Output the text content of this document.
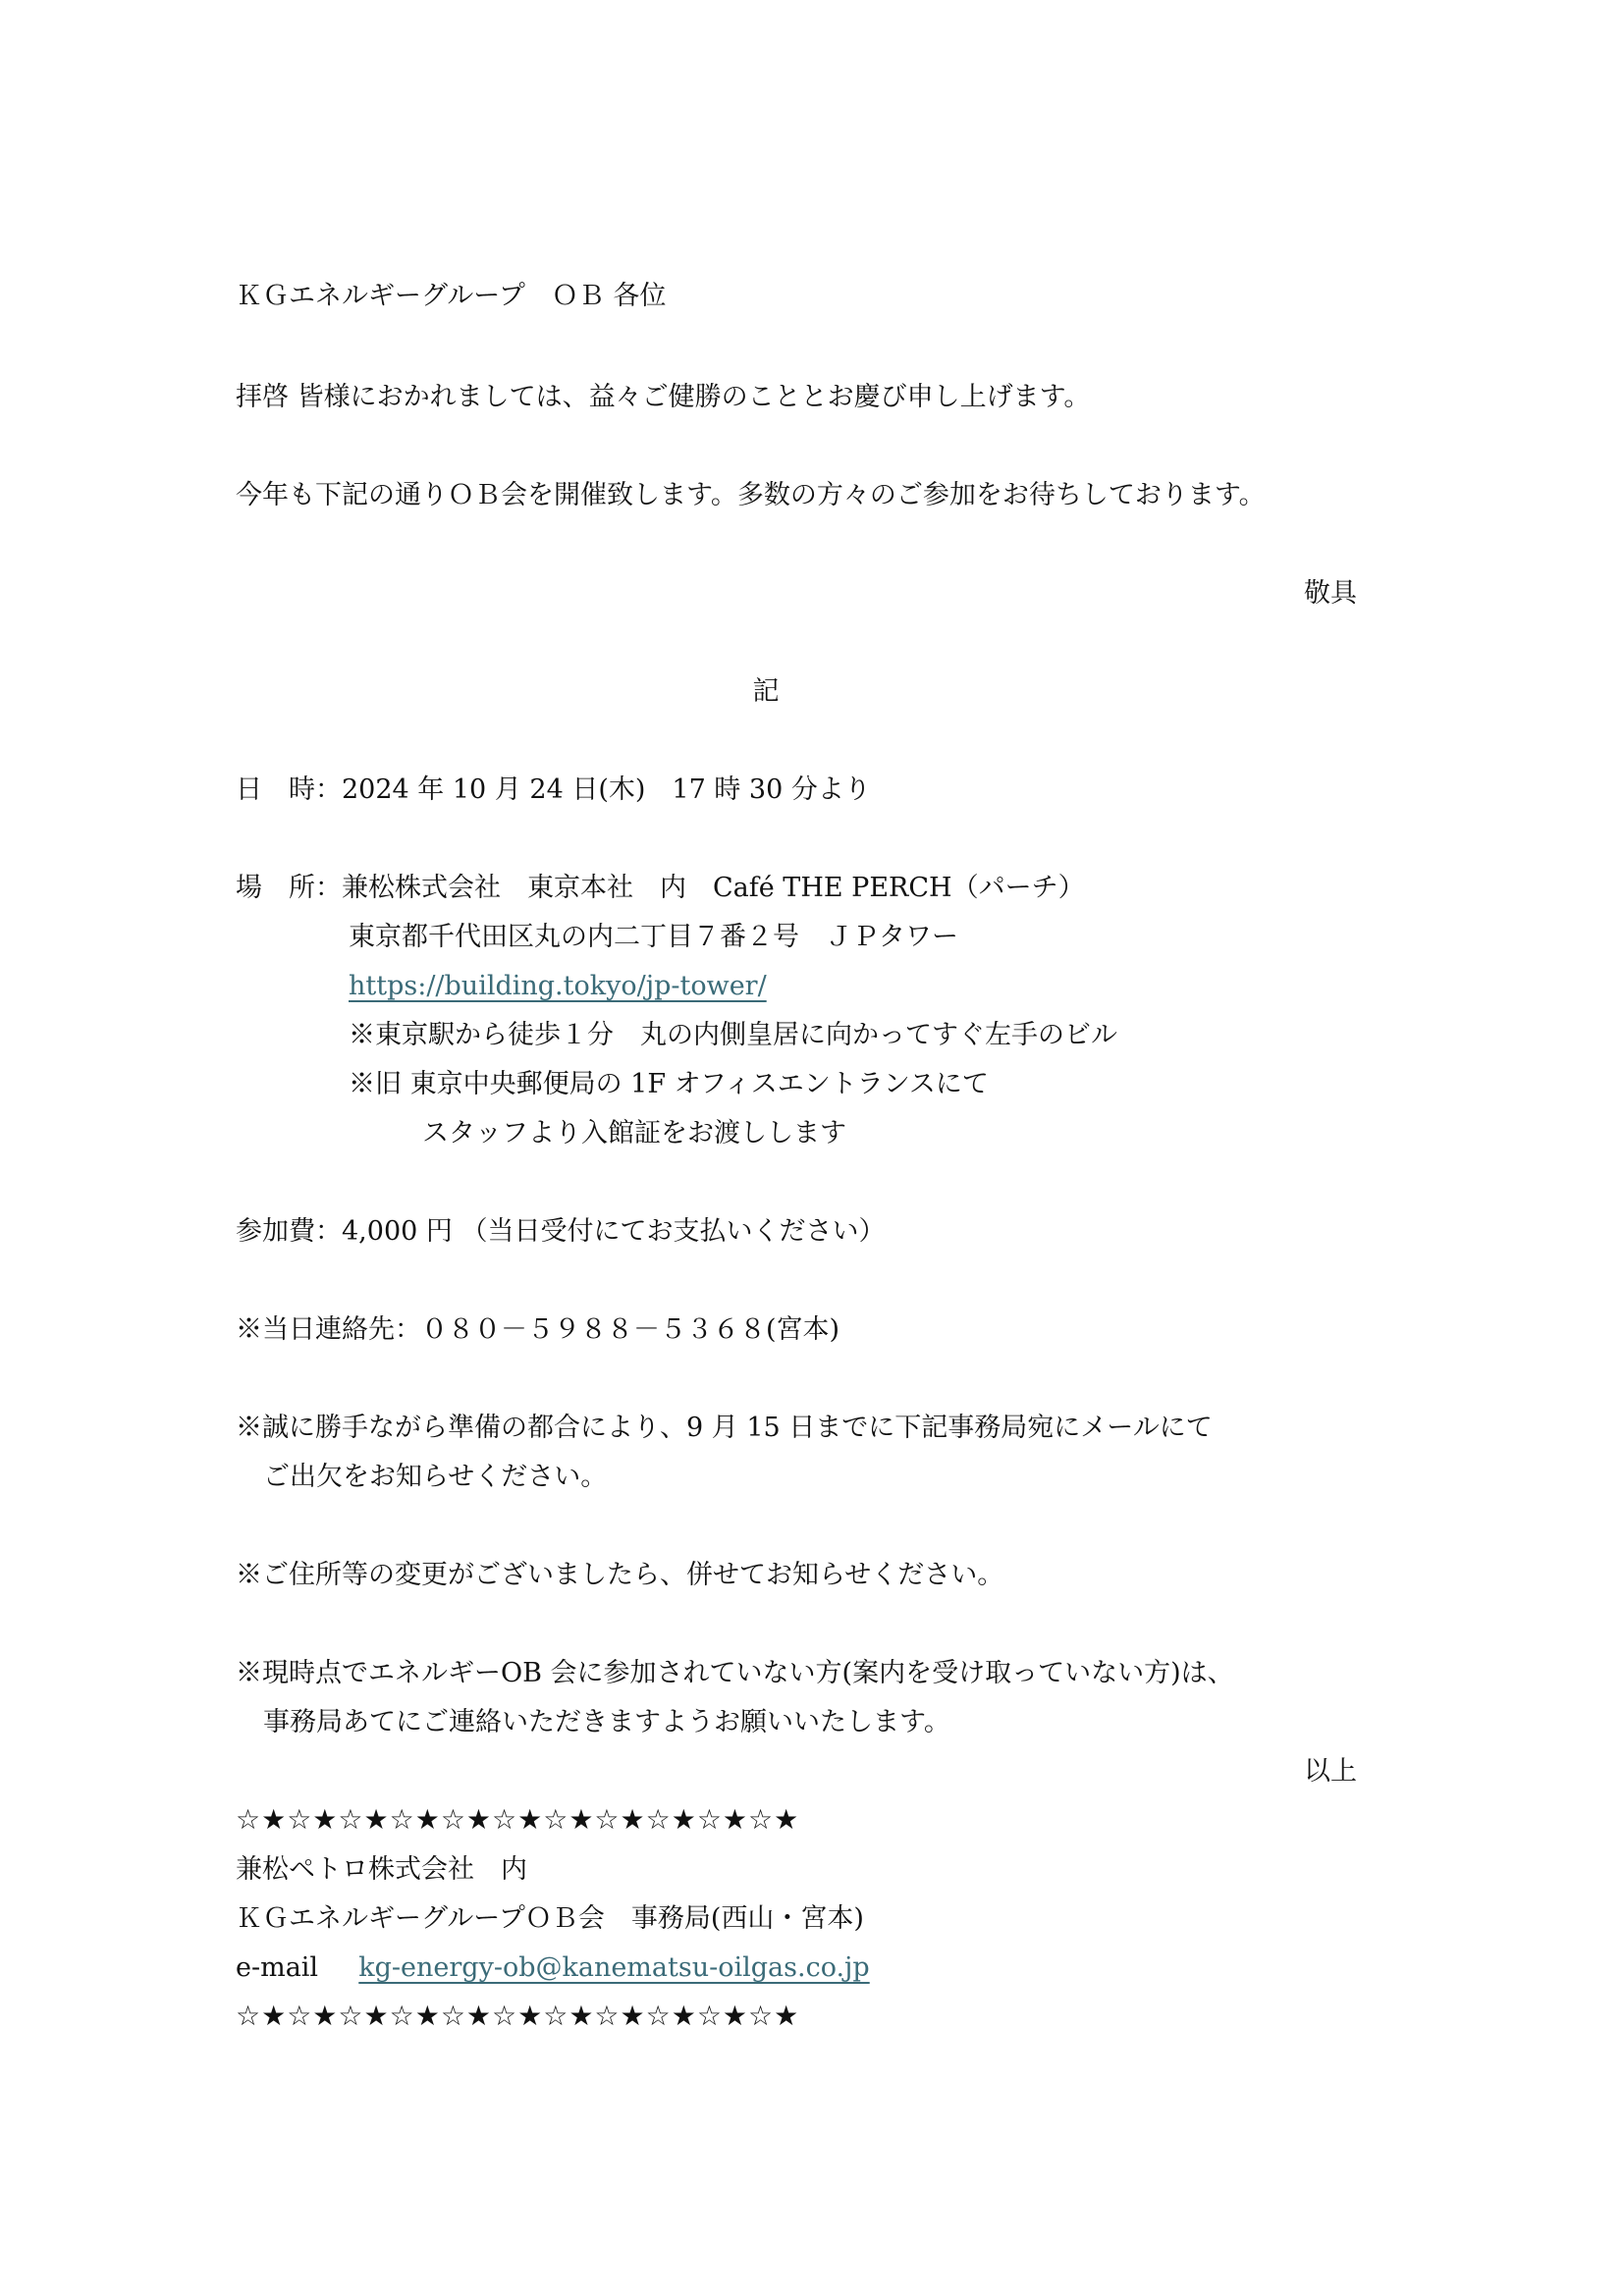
ＫＧエネルギーグループ　ＯＢ 各位
拝啓 皆様におかれましては、益々ご健勝のこととお慶び申し上げます。
今年も下記の通りＯＢ会を開催致します。多数の方々のご参加をお待ちしております。
敬具
記
日　時：2024 年 10 月 24 日(木)　17 時 30 分より
場　所：兼松株式会社　東京本社　内　Café THE PERCH（パーチ）
東京都千代田区丸の内二丁目７番２号　ＪＰタワー
https://building.tokyo/jp-tower/
※東京駅から徒歩１分　丸の内側皇居に向かってすぐ左手のビル
※旧 東京中央郵便局の 1F オフィスエントランスにて
スタッフより入館証をお渡しします
参加費：4,000 円 （当日受付にてお支払いください）
※当日連絡先：０８０－５９８８－５３６８(宮本)
※誠に勝手ながら準備の都合により、9 月 15 日までに下記事務局宛にメールにて
ご出欠をお知らせください。
※ご住所等の変更がございましたら、併せてお知らせください。
※現時点でエネルギーOB 会に参加されていない方(案内を受け取っていない方)は、
事務局あてにご連絡いただきますようお願いいたします。
以上
☆★☆★☆★☆★☆★☆★☆★☆★☆★☆★☆★
兼松ペトロ株式会社　内
ＫＧエネルギーグループＯＢ会　事務局(西山・宮本)
e-mail kg-energy-ob@kanematsu-oilgas.co.jp
☆★☆★☆★☆★☆★☆★☆★☆★☆★☆★☆★
